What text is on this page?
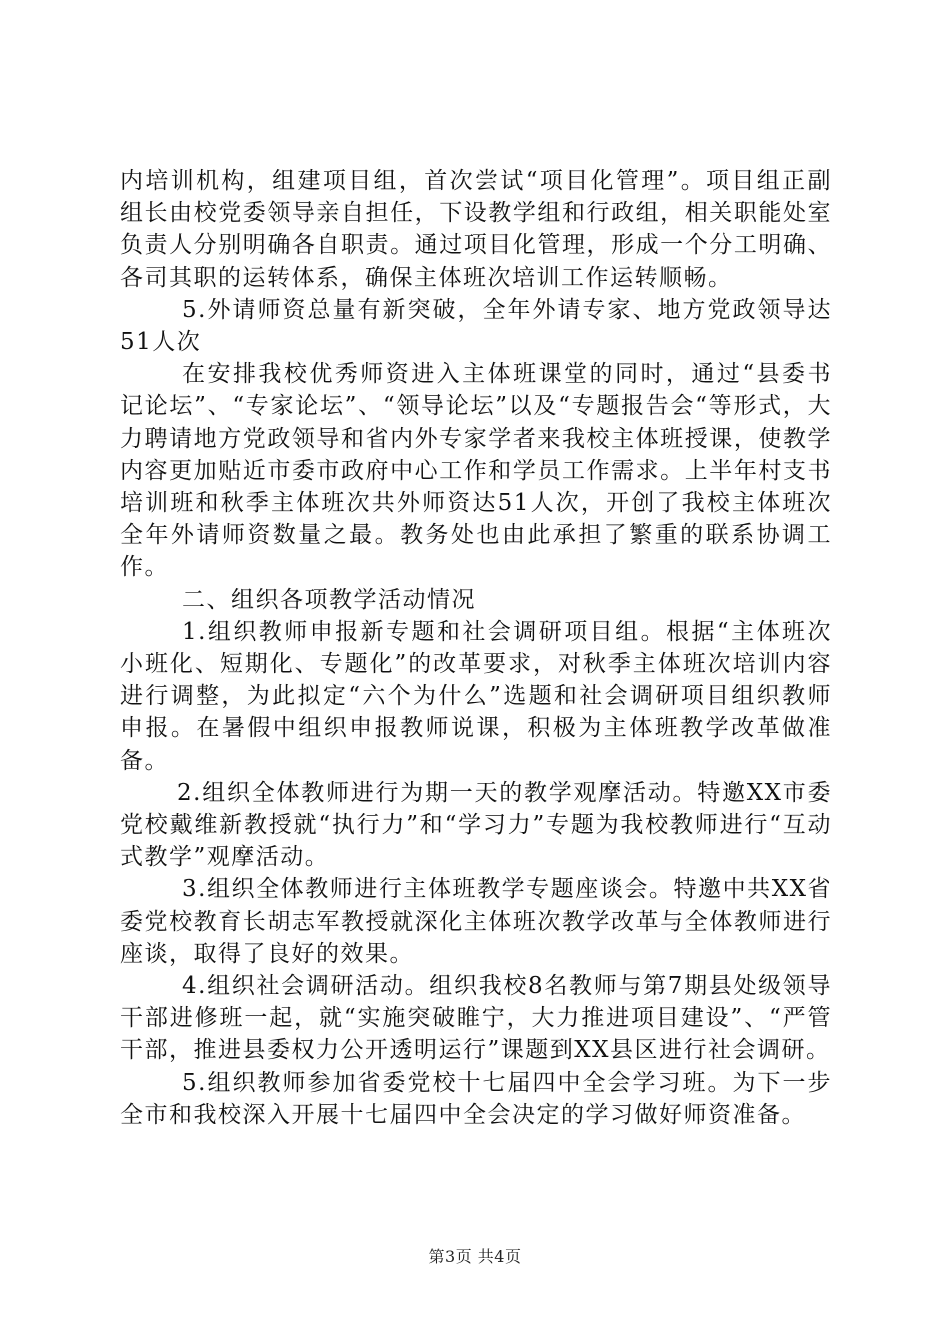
内培训机构，组建项目组，首次尝试“项目化管理”。项目组正副组长由校党委领导亲自担任，下设教学组和行政组，相关职能处室负责人分别明确各自职责。通过项目化管理，形成一个分工明确、各司其职的运转体系，确保主体班次培训工作运转顺畅。

5.外请师资总量有新突破，全年外请专家、地方党政领导达51人次

在安排我校优秀师资进入主体班课堂的同时，通过“县委书记论坛”、“专家论坛”、“领导论坛”以及“专题报告会“等形式，大力聘请地方党政领导和省内外专家学者来我校主体班授课，使教学内容更加贴近市委市政府中心工作和学员工作需求。上半年村支书培训班和秋季主体班次共外师资达51人次，开创了我校主体班次全年外请师资数量之最。教务处也由此承担了繁重的联系协调工作。

二、组织各项教学活动情况

1.组织教师申报新专题和社会调研项目组。根据“主体班次小班化、短期化、专题化”的改革要求，对秋季主体班次培训内容进行调整，为此拟定“六个为什么”选题和社会调研项目组织教师申报。在暑假中组织申报教师说课，积极为主体班教学改革做准备。

2.组织全体教师进行为期一天的教学观摩活动。特邀XX市委党校戴维新教授就“执行力”和“学习力”专题为我校教师进行“互动式教学”观摩活动。

3.组织全体教师进行主体班教学专题座谈会。特邀中共XX省委党校教育长胡志军教授就深化主体班次教学改革与全体教师进行座谈，取得了良好的效果。

4.组织社会调研活动。组织我校8名教师与第7期县处级领导干部进修班一起，就“实施突破睢宁，大力推进项目建设”、“严管干部，推进县委权力公开透明运行”课题到XX县区进行社会调研。

5.组织教师参加省委党校十七届四中全会学习班。为下一步全市和我校深入开展十七届四中全会决定的学习做好师资准备。

第3页 共4页
